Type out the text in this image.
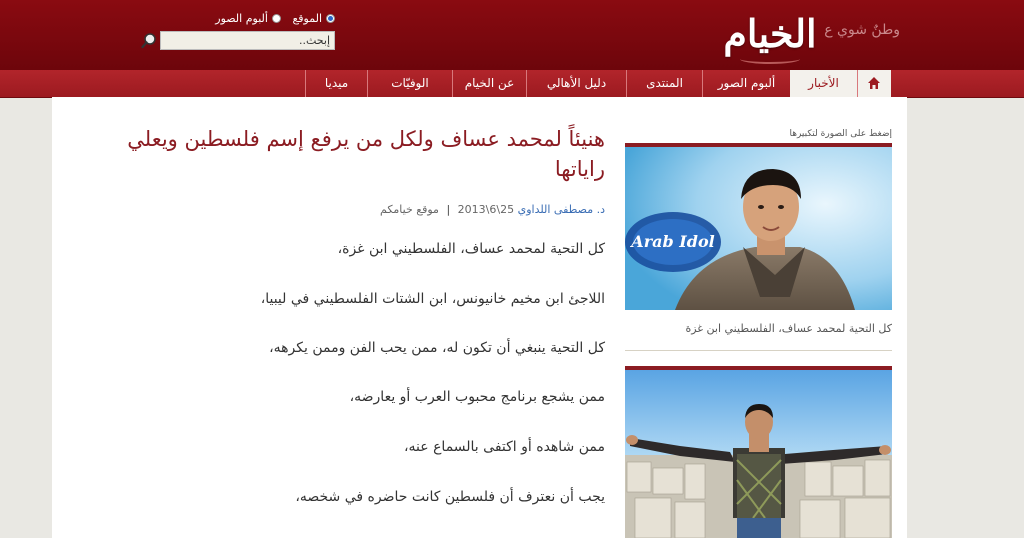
الخيام وطنٌ شوي ع
الموقع

ألبوم الصور
إبحث..
الأخبار
ألبوم الصور
المنتدى
دليل الأهالي
عن الخيام
الوفيّات
ميديا
هنيئاً لمحمد عساف ولكل من يرفع إسم فلسطين ويعلي راياتها
د. مصطفى اللداوي 25\6\2013 | موقع خيامكم
كل التحية لمحمد عساف، الفلسطيني ابن غزة،
اللاجئ ابن مخيم خانيونس، ابن الشتات الفلسطيني في ليبيا،
كل التحية ينبغي أن تكون له، ممن يحب الفن وممن يكرهه،
ممن يشجع برنامج محبوب العرب أو يعارضه،
ممن شاهده أو اكتفى بالسماع عنه،
يجب أن نعترف أن فلسطين كانت حاضره في شخصه،
إضغط على الصورة لتكبيرها
Arab Idol
كل التحية لمحمد عساف، الفلسطيني ابن غزة
